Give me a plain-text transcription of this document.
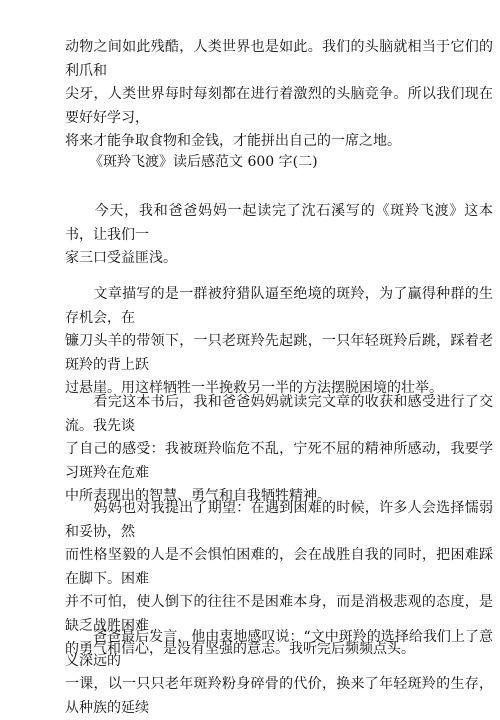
动物之间如此残酷，人类世界也是如此。我们的头脑就相当于它们的利爪和
尖牙，人类世界每时每刻都在进行着激烈的头脑竞争。所以我们现在要好好学习，
将来才能争取食物和金钱，才能拼出自己的一席之地。

《斑羚飞渡》读后感范文 600 字(二)

　　今天，我和爸爸妈妈一起读完了沈石溪写的《斑羚飞渡》这本书，让我们一
家三口受益匪浅。

　　文章描写的是一群被狩猎队逼至绝境的斑羚，为了赢得种群的生存机会，在
镰刀头羊的带领下，一只老斑羚先起跳，一只年轻斑羚后跳，踩着老斑羚的背上跃
过悬崖。用这样牺牲一半挽救另一半的方法摆脱困境的壮举。

　　看完这本书后，我和爸爸妈妈就读完文章的收获和感受进行了交流。我先谈
了自己的感受：我被斑羚临危不乱，宁死不屈的精神所感动，我要学习斑羚在危难
中所表现出的智慧、勇气和自我牺牲精神。

　　妈妈也对我提出了期望：在遇到困难的时候，许多人会选择懦弱和妥协，然
而性格坚毅的人是不会惧怕困难的，会在战胜自我的同时，把困难踩在脚下。困难
并不可怕，使人倒下的往往不是困难本身，而是消极悲观的态度，是缺乏战胜困难
的勇气和信心，是没有坚强的意志。我听完后频频点头。

　　爸爸最后发言，他由衷地感叹说：“文中斑羚的选择给我们上了意义深远的
一课，以一只只老年斑羚粉身碎骨的代价，换来了年轻斑羚的生存，从种族的延续
